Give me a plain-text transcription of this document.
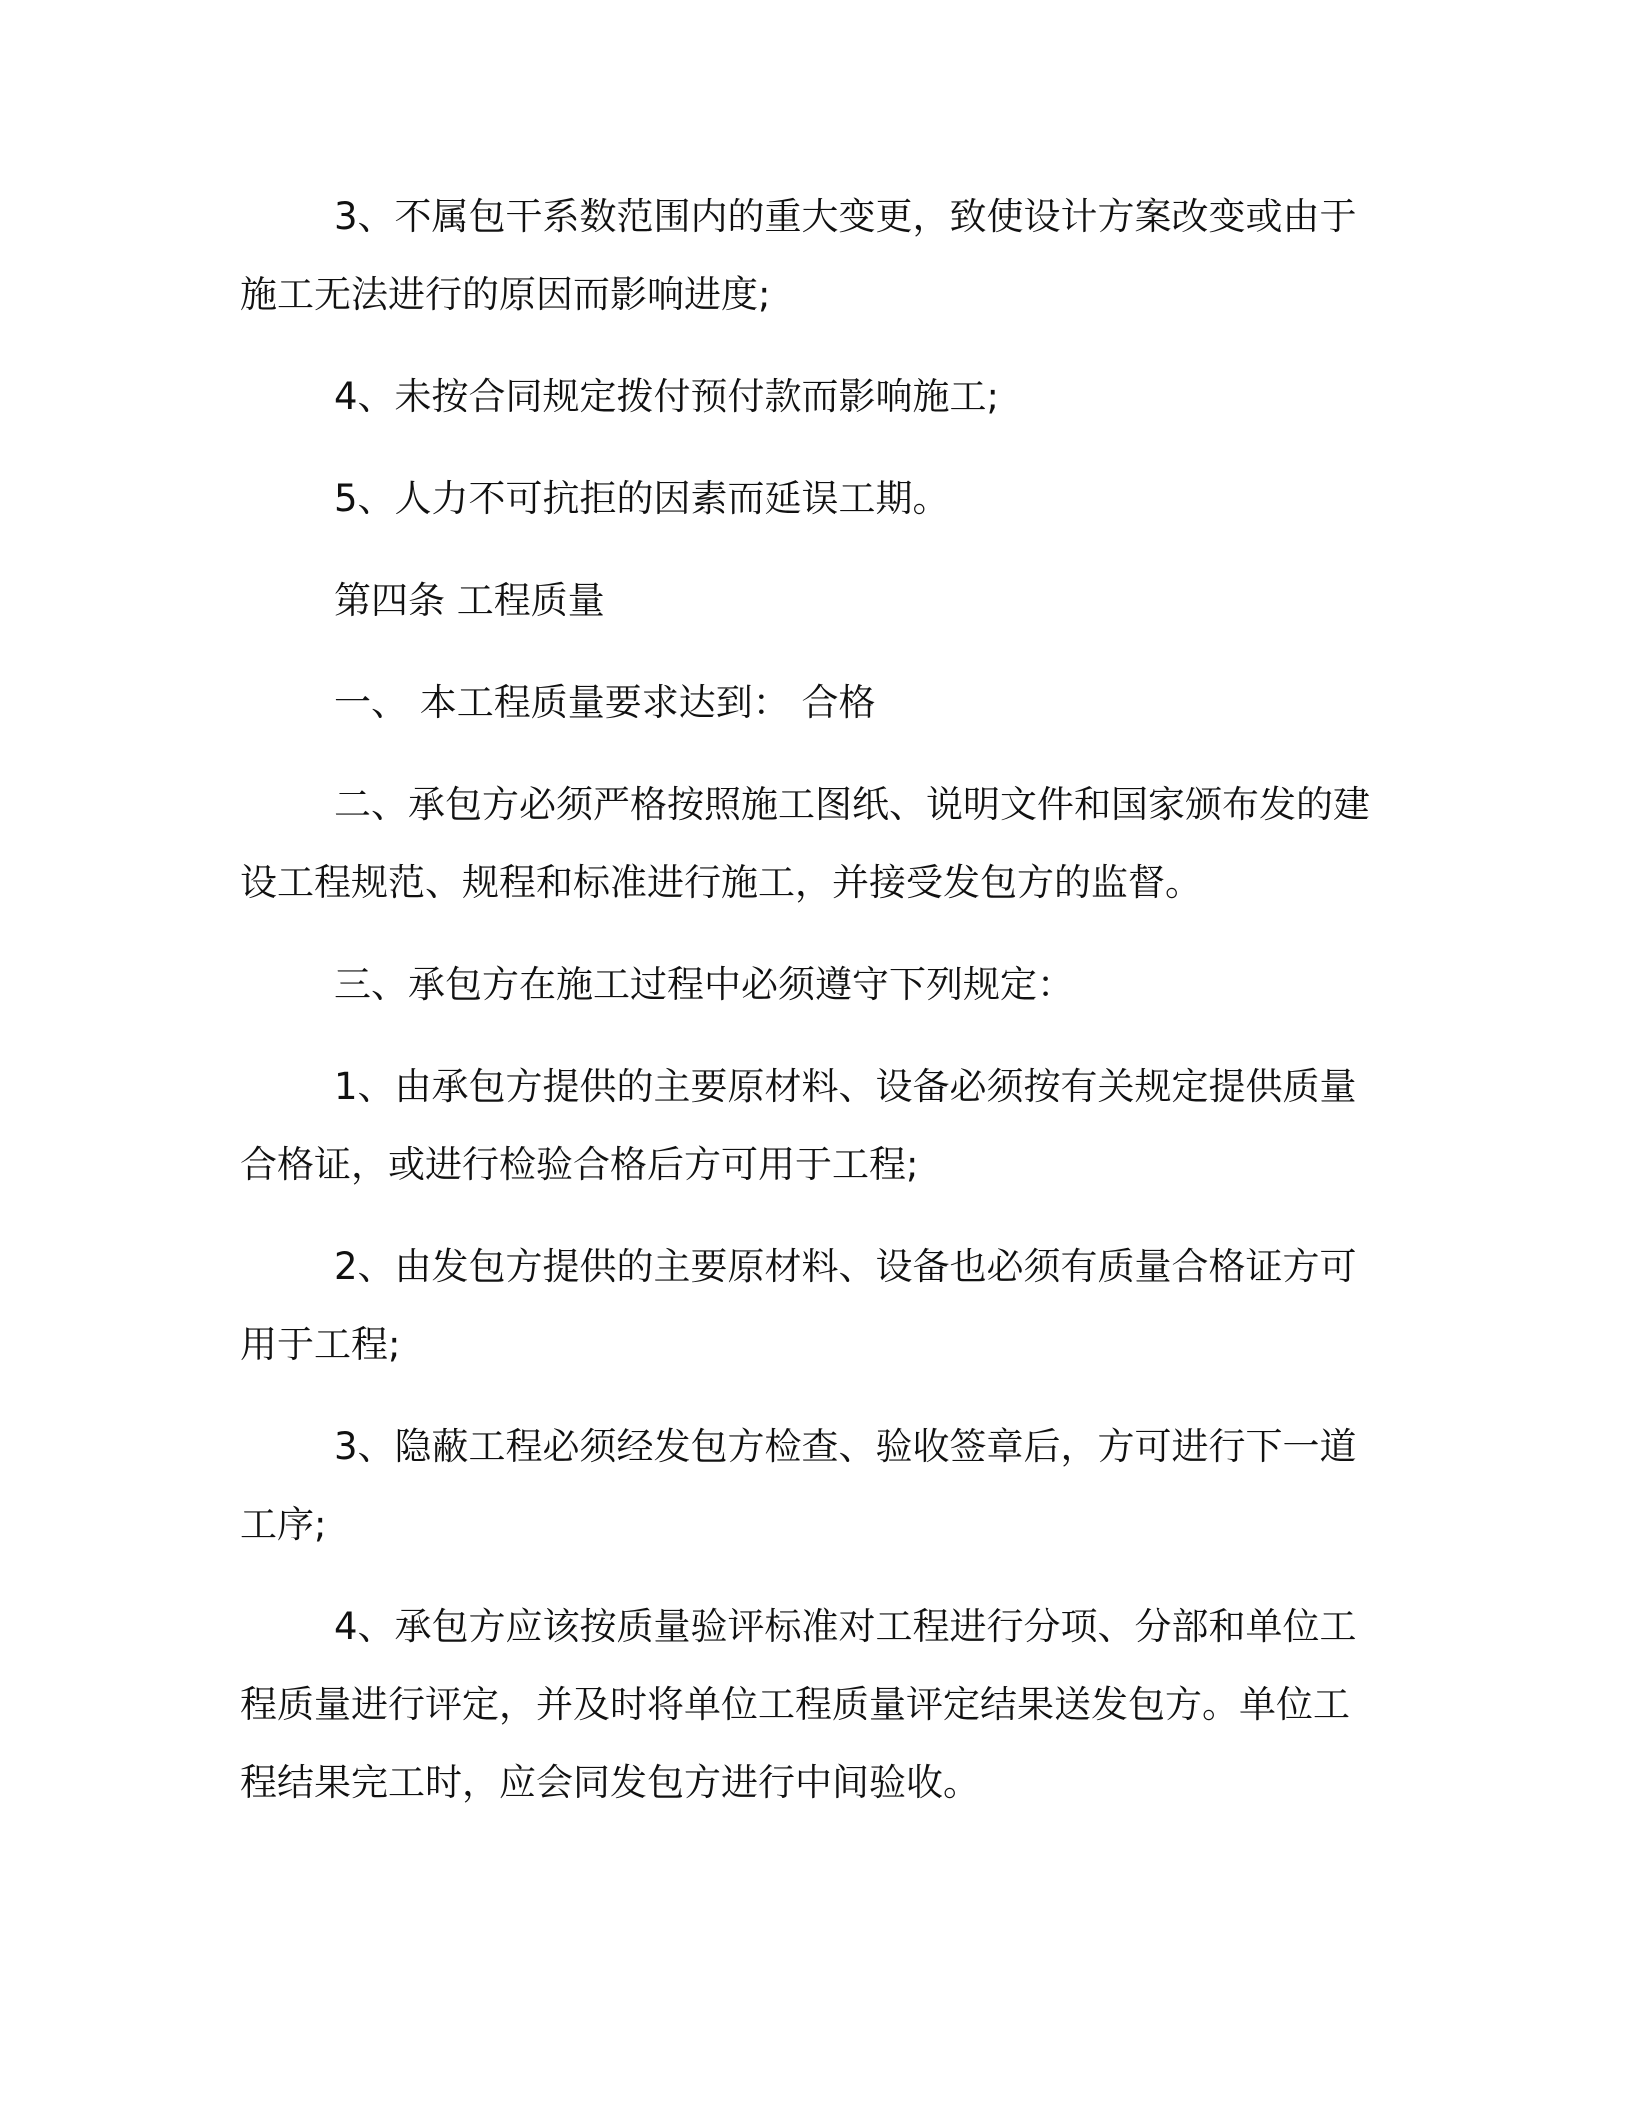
3、不属包干系数范围内的重大变更，致使设计方案改变或由于施工无法进行的原因而影响进度;

4、未按合同规定拨付预付款而影响施工;

5、人力不可抗拒的因素而延误工期。

第四条 工程质量

一、 本工程质量要求达到： 合格

二、承包方必须严格按照施工图纸、说明文件和国家颁布发的建设工程规范、规程和标准进行施工，并接受发包方的监督。

三、承包方在施工过程中必须遵守下列规定：

1、由承包方提供的主要原材料、设备必须按有关规定提供质量合格证，或进行检验合格后方可用于工程;

2、由发包方提供的主要原材料、设备也必须有质量合格证方可用于工程;

3、隐蔽工程必须经发包方检查、验收签章后，方可进行下一道工序;

4、承包方应该按质量验评标准对工程进行分项、分部和单位工程质量进行评定，并及时将单位工程质量评定结果送发包方。单位工程结果完工时，应会同发包方进行中间验收。
